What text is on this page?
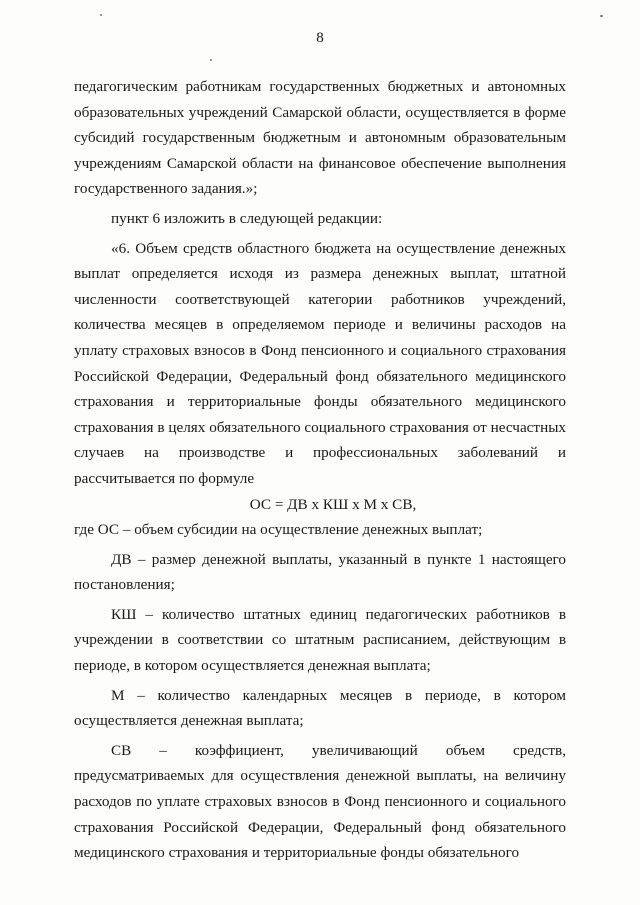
8

педагогическим работникам государственных бюджетных и автономных образовательных учреждений Самарской области, осуществляется в форме субсидий государственным бюджетным и автономным образовательным учреждениям Самарской области на финансовое обеспечение выполнения государственного задания.»;

пункт 6 изложить в следующей редакции:

«6. Объем средств областного бюджета на осуществление денежных выплат определяется исходя из размера денежных выплат, штатной численности соответствующей категории работников учреждений, количества месяцев в определяемом периоде и величины расходов на уплату страховых взносов в Фонд пенсионного и социального страхования Российской Федерации, Федеральный фонд обязательного медицинского страхования и территориальные фонды обязательного медицинского страхования в целях обязательного социального страхования от несчастных случаев на производстве и профессиональных заболеваний и рассчитывается по формуле

ОС = ДВ х КШ х М х СВ,

где ОС – объем субсидии на осуществление денежных выплат;

ДВ – размер денежной выплаты, указанный в пункте 1 настоящего постановления;

КШ – количество штатных единиц педагогических работников в учреждении в соответствии со штатным расписанием, действующим в периоде, в котором осуществляется денежная выплата;

М – количество календарных месяцев в периоде, в котором осуществляется денежная выплата;

СВ – коэффициент, увеличивающий объем средств, предусматриваемых для осуществления денежной выплаты, на величину расходов по уплате страховых взносов в Фонд пенсионного и социального страхования Российской Федерации, Федеральный фонд обязательного медицинского страхования и территориальные фонды обязательного
